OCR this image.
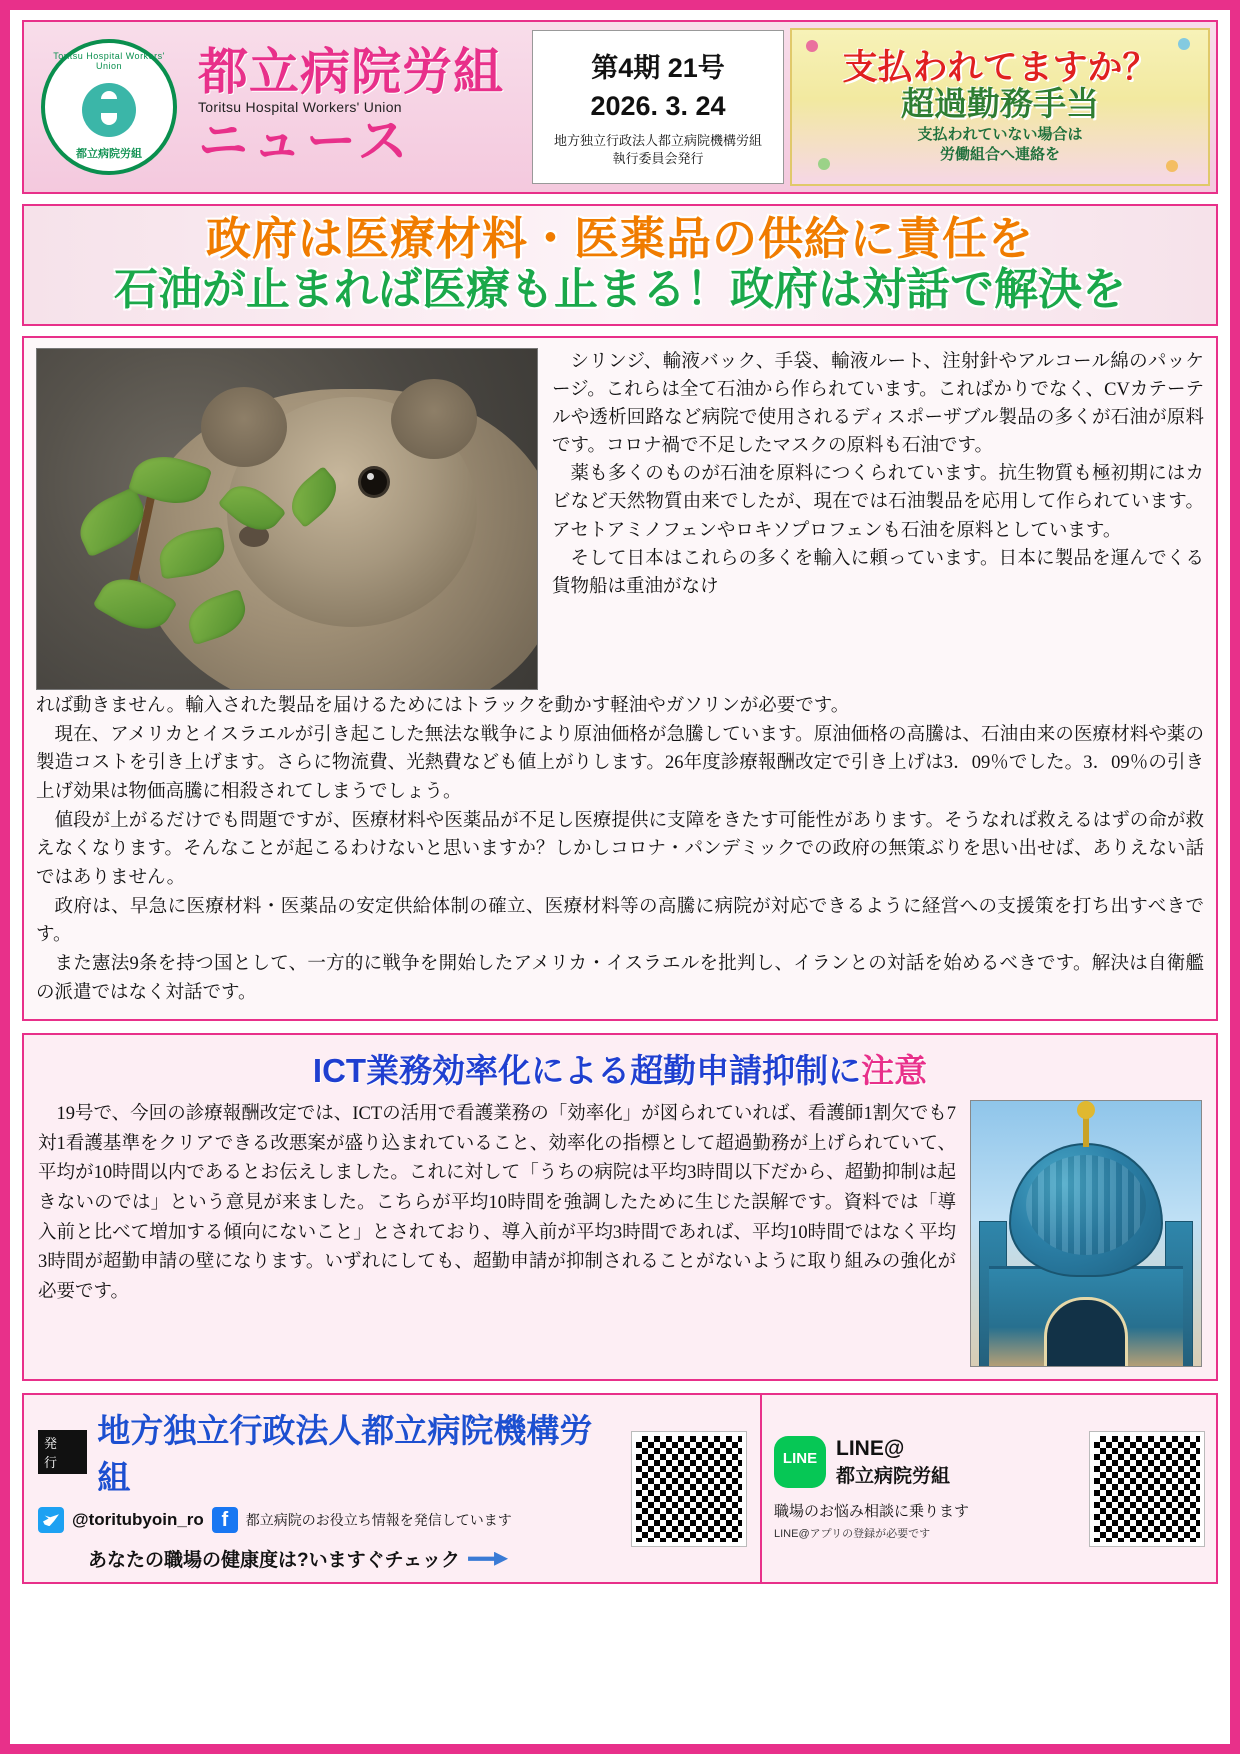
Toritsu Hospital Workers' Union
都立病院労組
都立病院労組
Toritsu Hospital Workers' Union
ニュース
第4期 21号
2026. 3. 24
地方独立行政法人都立病院機構労組
執行委員会発行
支払われてますか？
超過勤務手当
支払われていない場合は
労働組合へ連絡を
政府は医療材料・医薬品の供給に責任を
石油が止まれば医療も止まる！政府は対話で解決を

シリンジ、輸液バック、手袋、輸液ルート、注射針やアルコール綿のパッケージ。これらは全て石油から作られています。こればかりでなく、CVカテーテルや透析回路など病院で使用されるディスポーザブル製品の多くが石油が原料です。コロナ禍で不足したマスクの原料も石油です。

薬も多くのものが石油を原料につくられています。抗生物質も極初期にはカビなど天然物質由来でしたが、現在では石油製品を応用して作られています。アセトアミノフェンやロキソプロフェンも石油を原料としています。

そして日本はこれらの多くを輸入に頼っています。日本に製品を運んでくる貨物船は重油がなけ

れば動きません。輸入された製品を届けるためにはトラックを動かす軽油やガソリンが必要です。

現在、アメリカとイスラエルが引き起こした無法な戦争により原油価格が急騰しています。原油価格の高騰は、石油由来の医療材料や薬の製造コストを引き上げます。さらに物流費、光熱費なども値上がりします。26年度診療報酬改定で引き上げは3．09％でした。3．09％の引き上げ効果は物価高騰に相殺されてしまうでしょう。

値段が上がるだけでも問題ですが、医療材料や医薬品が不足し医療提供に支障をきたす可能性があります。そうなれば救えるはずの命が救えなくなります。そんなことが起こるわけないと思いますか？しかしコロナ・パンデミックでの政府の無策ぶりを思い出せば、ありえない話ではありません。

政府は、早急に医療材料・医薬品の安定供給体制の確立、医療材料等の高騰に病院が対応できるように経営への支援策を打ち出すべきです。

また憲法9条を持つ国として、一方的に戦争を開始したアメリカ・イスラエルを批判し、イランとの対話を始めるべきです。解決は自衛艦の派遣ではなく対話です。

ICT業務効率化による超勤申請抑制に注意

19号で、今回の診療報酬改定では、ICTの活用で看護業務の「効率化」が図られていれば、看護師1割欠でも7対1看護基準をクリアできる改悪案が盛り込まれていること、効率化の指標として超過勤務が上げられていて、平均が10時間以内であるとお伝えしました。これに対して「うちの病院は平均3時間以下だから、超勤抑制は起きないのでは」という意見が来ました。こちらが平均10時間を強調したために生じた誤解です。資料では「導入前と比べて増加する傾向にないこと」とされており、導入前が平均3時間であれば、平均10時間ではなく平均3時間が超勤申請の壁になります。いずれにしても、超勤申請が抑制されることがないように取り組みの強化が必要です。

発 行
地方独立行政法人都立病院機構労組
@toritubyoin_ro f	都立病院のお役立ち情報を発信しています
あなたの職場の健康度は?いますぐチェック
LINE
LINE@
都立病院労組
職場のお悩み相談に乗ります
LINE@アプリの登録が必要です
